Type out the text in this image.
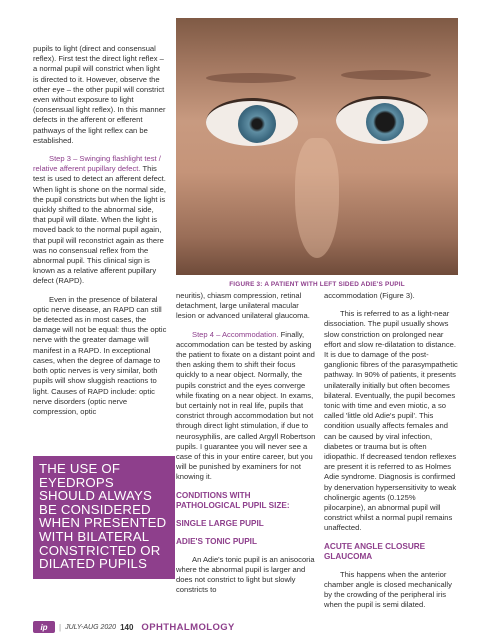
pupils to light (direct and consensual reflex). First test the direct light reflex – a normal pupil will constrict when light is directed to it. However, observe the other eye – the other pupil will constrict even without exposure to light (consensual light reflex). In this manner defects in the afferent or efferent pathways of the light reflex can be established.

Step 3 – Swinging flashlight test / relative afferent pupillary defect. This test is used to detect an afferent defect. When light is shone on the normal side, the pupil constricts but when the light is quickly shifted to the abnormal side, that pupil will dilate. When the light is moved back to the normal pupil again, that pupil will reconstrict again as there was no consensual reflex from the abnormal pupil. This clinical sign is known as a relative afferent pupillary defect (RAPD).

Even in the presence of bilateral optic nerve disease, an RAPD can still be detected as in most cases, the damage will not be equal: thus the optic nerve with the greater damage will manifest in a RAPD. In exceptional cases, when the degree of damage to both optic nerves is very similar, both pupils will show sluggish reactions to light. Causes of RAPD include: optic nerve disorders (optic nerve compression, optic

THE USE OF EYEDROPS SHOULD ALWAYS BE CONSIDERED WHEN PRESENTED WITH BILATERAL CONSTRICTED OR DILATED PUPILS
FIGURE 3: A PATIENT WITH LEFT SIDED ADIE'S PUPIL

neuritis), chiasm compression, retinal detachment, large unilateral macular lesion or advanced unilateral glaucoma.

Step 4 – Accommodation. Finally, accommodation can be tested by asking the patient to fixate on a distant point and then asking them to shift their focus quickly to a near object. Normally, the pupils constrict and the eyes converge while fixating on a near object. In exams, but certainly not in real life, pupils that constrict through accommodation but not through direct light stimulation, if due to neurosyphilis, are called Argyll Robertson pupils. I guarantee you will never see a case of this in your entire career, but you will be punished by examiners for not knowing it.

CONDITIONS WITH PATHOLOGICAL PUPIL SIZE:
SINGLE LARGE PUPIL
ADIE'S TONIC PUPIL

An Adie's tonic pupil is an anisocoria where the abnormal pupil is larger and does not constrict to light but slowly constricts to

accommodation (Figure 3).

This is referred to as a light-near dissociation. The pupil usually shows slow constriction on prolonged near effort and slow re-dilatation to distance. It is due to damage of the post-ganglionic fibres of the parasympathetic pathway. In 90% of patients, it presents unilaterally initially but often becomes bilateral. Eventually, the pupil becomes tonic with time and even miotic, a so called 'little old Adie's pupil'. This condition usually affects females and can be caused by viral infection, diabetes or trauma but is often idiopathic. If decreased tendon reflexes are present it is referred to as Holmes Adie syndrome. Diagnosis is confirmed by denervation hypersensitivity to weak cholinergic agents (0.125% pilocarpine), an abnormal pupil will constrict whilst a normal pupil remains unaffected.

ACUTE ANGLE CLOSURE GLAUCOMA

This happens when the anterior chamber angle is closed mechanically by the crowding of the peripheral iris when the pupil is semi dilated.

ip	| JULY-AUG 2020 140 OPHTHALMOLOGY
